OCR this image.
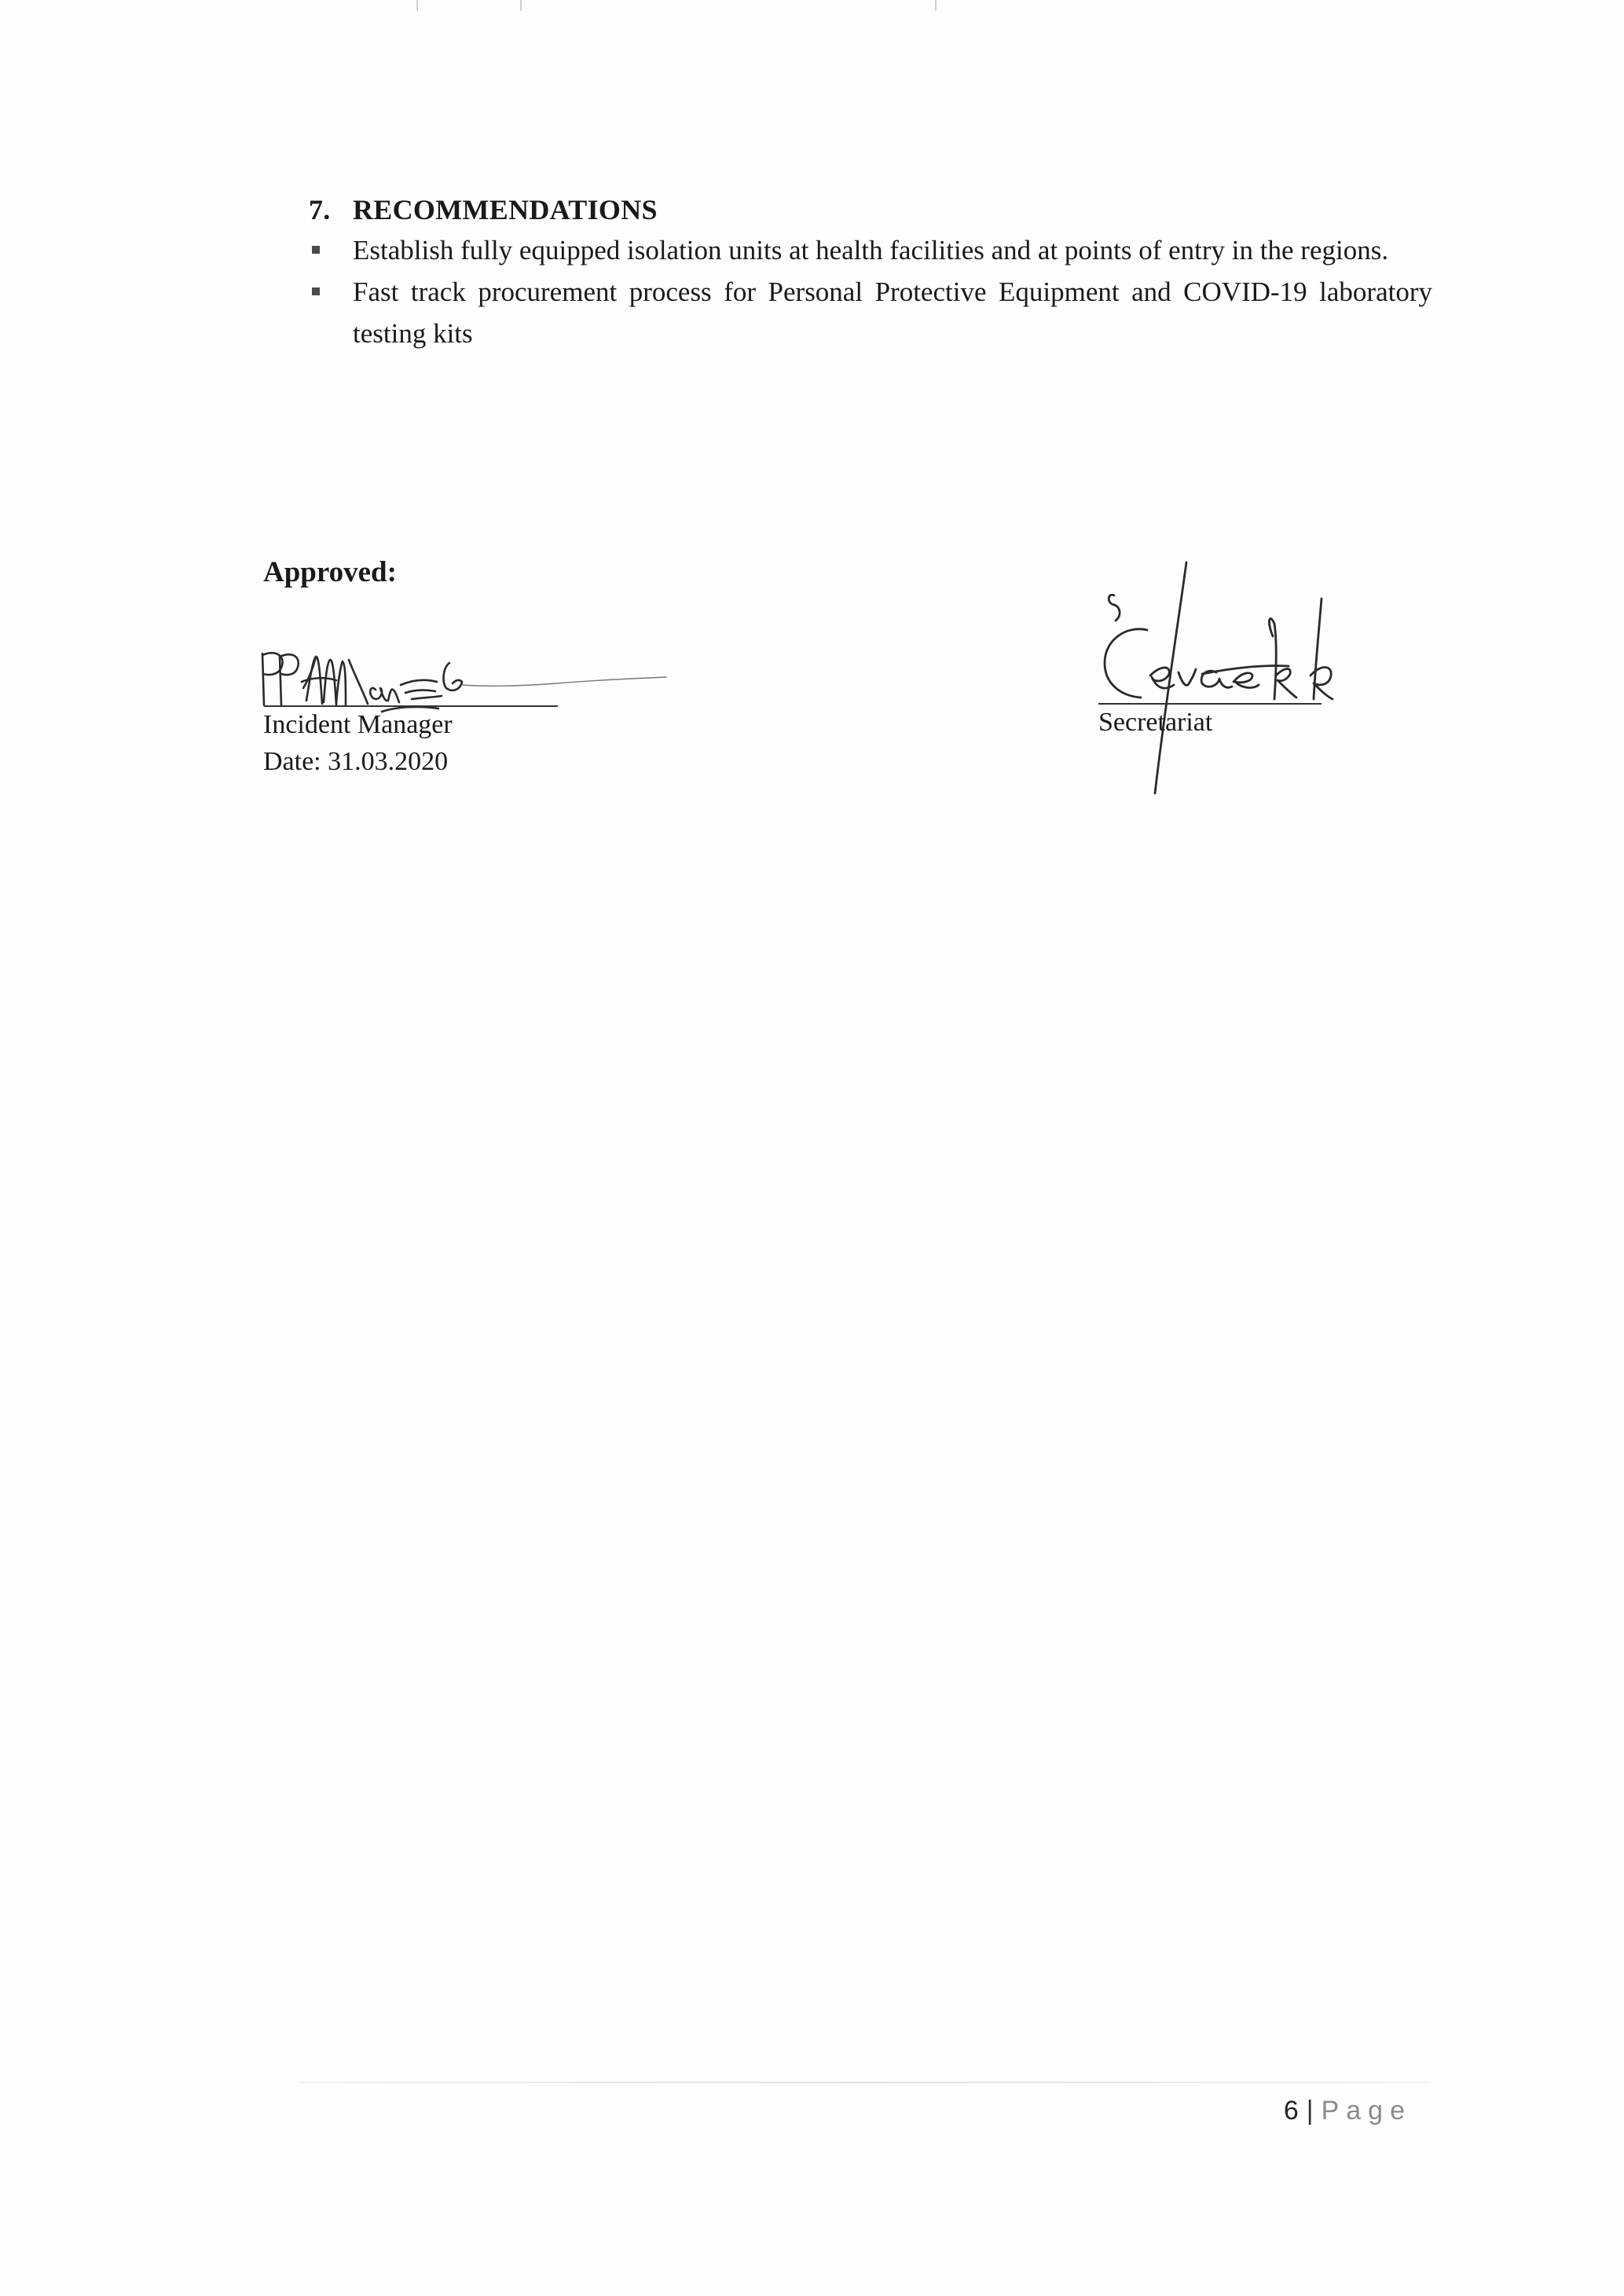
7. RECOMMENDATIONS
Establish fully equipped isolation units at health facilities and at points of entry in the regions.
Fast track procurement process for Personal Protective Equipment and COVID-19 laboratory testing kits
Approved:
Incident Manager
Date: 31.03.2020
Secretariat
6 | Page
